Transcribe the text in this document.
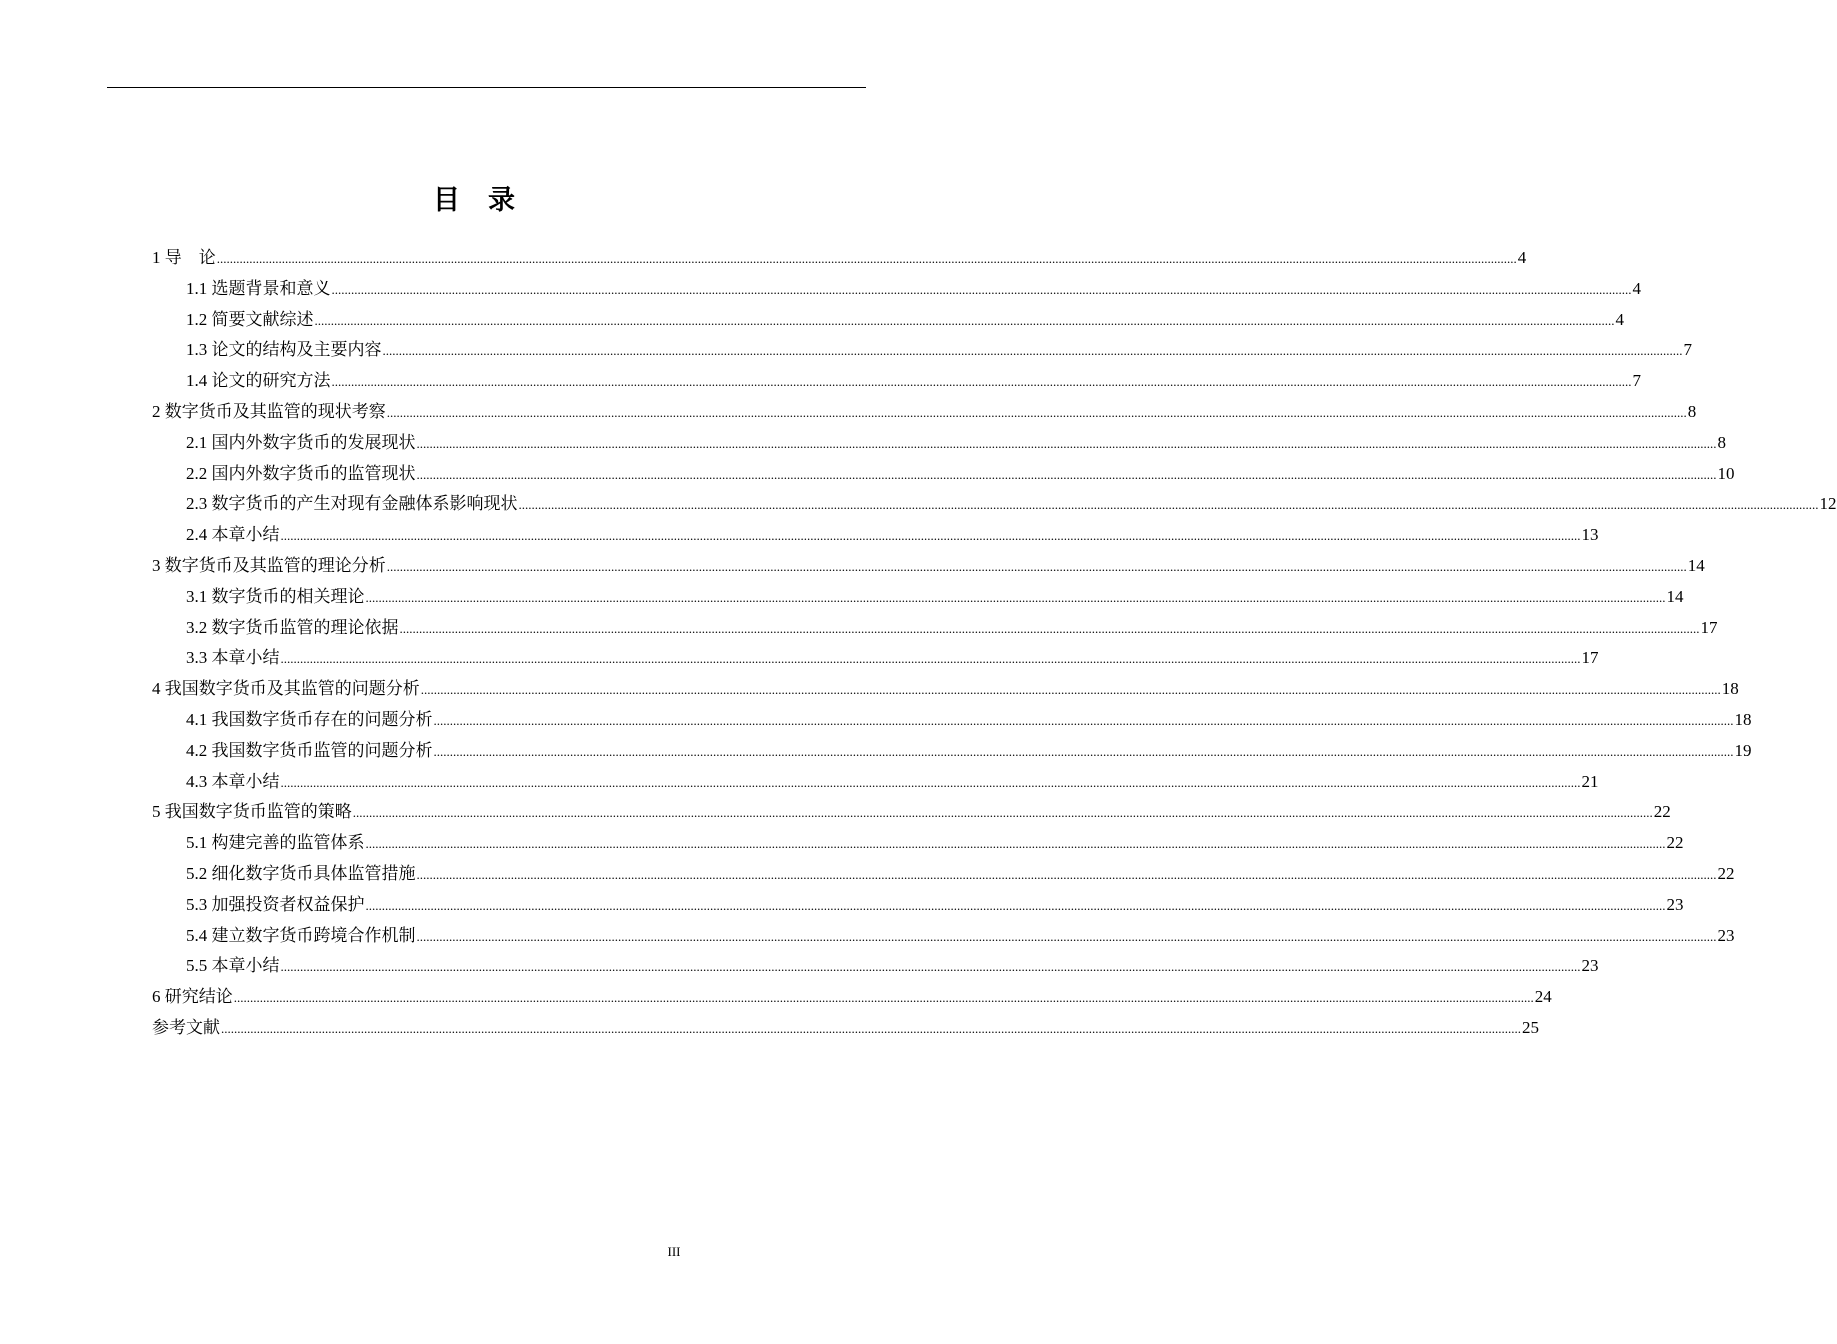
目 录
1 导    论 ................................................................................................................................................................................................................................................................................................................................................................................................................ 4
1.1 选题背景和意义 ................................................................................................................................................................................................................................................................................................................................................................................................................ 4
1.2 简要文献综述 ................................................................................................................................................................................................................................................................................................................................................................................................................ 4
1.3 论文的结构及主要内容 ................................................................................................................................................................................................................................................................................................................................................................................................................ 7
1.4 论文的研究方法 ................................................................................................................................................................................................................................................................................................................................................................................................................ 7
2 数字货币及其监管的现状考察 ................................................................................................................................................................................................................................................................................................................................................................................................................ 8
2.1 国内外数字货币的发展现状 ................................................................................................................................................................................................................................................................................................................................................................................................................ 8
2.2 国内外数字货币的监管现状 ................................................................................................................................................................................................................................................................................................................................................................................................................ 10
2.3 数字货币的产生对现有金融体系影响现状 ................................................................................................................................................................................................................................................................................................................................................................................................................ 12
2.4 本章小结 ................................................................................................................................................................................................................................................................................................................................................................................................................ 13
3 数字货币及其监管的理论分析 ................................................................................................................................................................................................................................................................................................................................................................................................................ 14
3.1 数字货币的相关理论 ................................................................................................................................................................................................................................................................................................................................................................................................................ 14
3.2 数字货币监管的理论依据 ................................................................................................................................................................................................................................................................................................................................................................................................................ 17
3.3 本章小结 ................................................................................................................................................................................................................................................................................................................................................................................................................ 17
4 我国数字货币及其监管的问题分析 ................................................................................................................................................................................................................................................................................................................................................................................................................ 18
4.1 我国数字货币存在的问题分析 ................................................................................................................................................................................................................................................................................................................................................................................................................ 18
4.2 我国数字货币监管的问题分析 ................................................................................................................................................................................................................................................................................................................................................................................................................ 19
4.3 本章小结 ................................................................................................................................................................................................................................................................................................................................................................................................................ 21
5 我国数字货币监管的策略 ................................................................................................................................................................................................................................................................................................................................................................................................................ 22
5.1 构建完善的监管体系 ................................................................................................................................................................................................................................................................................................................................................................................................................ 22
5.2 细化数字货币具体监管措施 ................................................................................................................................................................................................................................................................................................................................................................................................................ 22
5.3 加强投资者权益保护 ................................................................................................................................................................................................................................................................................................................................................................................................................ 23
5.4 建立数字货币跨境合作机制 ................................................................................................................................................................................................................................................................................................................................................................................................................ 23
5.5 本章小结 ................................................................................................................................................................................................................................................................................................................................................................................................................ 23
6 研究结论 ................................................................................................................................................................................................................................................................................................................................................................................................................ 24
参考文献 ................................................................................................................................................................................................................................................................................................................................................................................................................ 25
III
